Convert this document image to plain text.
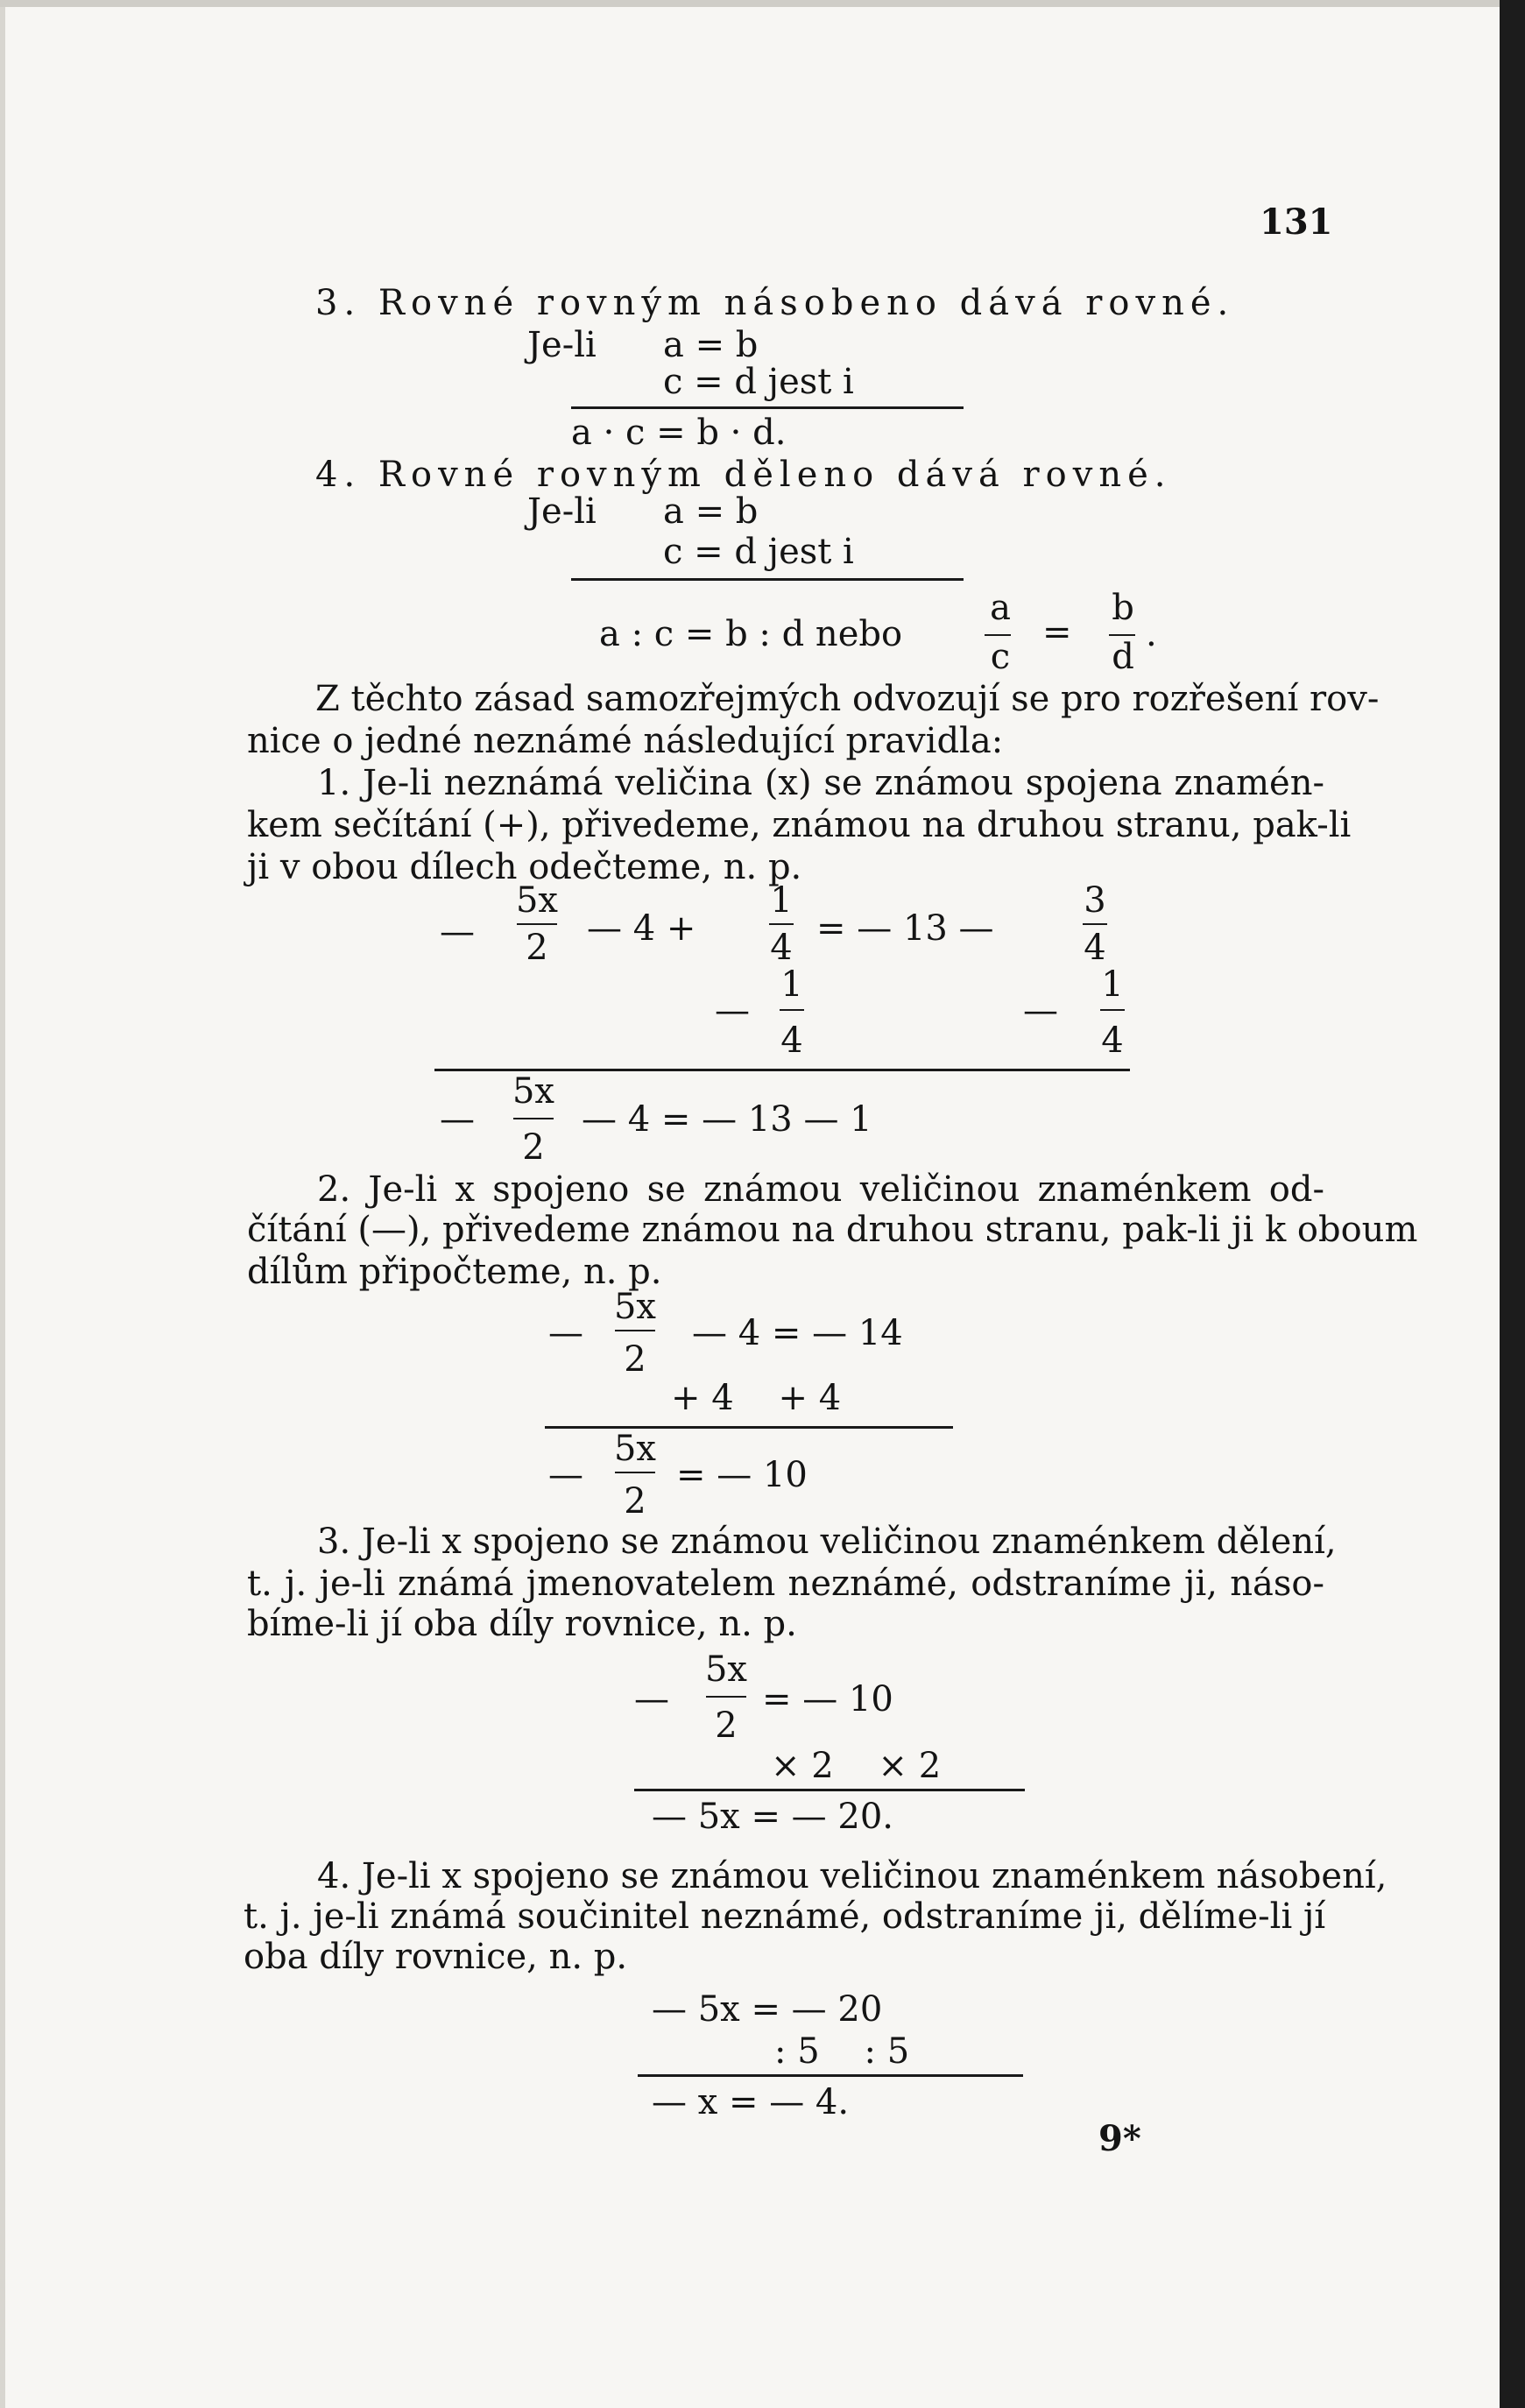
131
3. Rovné rovným násobeno dává rovné.
Je-li a = b
c = d jest i
a · c = b · d.
4. Rovné rovným děleno dává rovné.
Je-li a = b
c = d jest i
a : c = b : d nebo
a
c
=
b
d
.
Z těchto zásad samozřejmých odvozují se pro rozřešení rov-
nice o jedné neznámé následující pravidla:
1. Je-li neznámá veličina (x) se známou spojena znamén-
kem sečítání (+), přivedeme, známou na druhou stranu, pak-li
ji v obou dílech odečteme, n. p.
—
5x
2	— 4 +
1
4 = — 13 —
3
4
—
1
4
—
1
4
—
5x
2
— 4 = — 13 — 1
2. Je-li x spojeno se známou veličinou znaménkem od-
čítání (—), přivedeme známou na druhou stranu, pak-li ji k oboum
dílům připočteme, n. p.
—
5x
2
— 4 = — 14
+ 4    + 4
—
5x
2
= — 10
3. Je-li x spojeno se známou veličinou znaménkem dělení,
t. j. je-li známá jmenovatelem neznámé, odstraníme ji, náso-
bíme-li jí oba díly rovnice, n. p.
—
5x
2
= — 10
× 2    × 2
— 5x = — 20.
4. Je-li x spojeno se známou veličinou znaménkem násobení,
t. j. je-li známá součinitel neznámé, odstraníme ji, dělíme-li jí
oba díly rovnice, n. p.
— 5x = — 20
: 5    : 5
— x = — 4.
9*
